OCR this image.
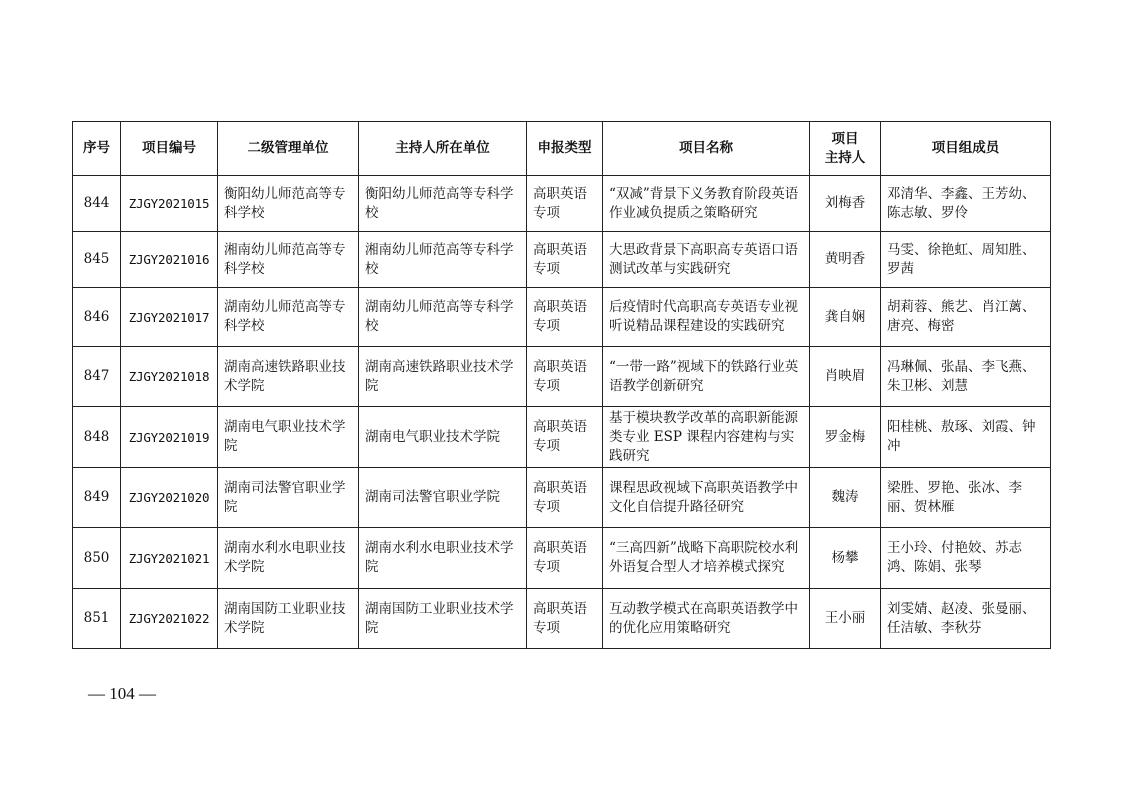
序号	项目编号	二级管理单位	主持人所在单位	申报类型	项目名称	项目
主持人	项目组成员
844	ZJGY2021015	衡阳幼儿师范高等专科学校	衡阳幼儿师范高等专科学校	高职英语专项	“双减”背景下义务教育阶段英语作业减负提质之策略研究	刘梅香	邓清华、李鑫、王芳幼、陈志敏、罗伶
845	ZJGY2021016	湘南幼儿师范高等专科学校	湘南幼儿师范高等专科学校	高职英语专项	大思政背景下高职高专英语口语测试改革与实践研究	黄明香	马雯、徐艳虹、周知胜、罗茜
846	ZJGY2021017	湖南幼儿师范高等专科学校	湖南幼儿师范高等专科学校	高职英语专项	后疫情时代高职高专英语专业视听说精品课程建设的实践研究	龚自娴	胡莉蓉、熊艺、肖江蓠、唐亮、梅密
847	ZJGY2021018	湖南高速铁路职业技术学院	湖南高速铁路职业技术学院	高职英语专项	“一带一路”视域下的铁路行业英语教学创新研究	肖映眉	冯琳佩、张晶、李飞燕、朱卫彬、刘慧
848	ZJGY2021019	湖南电气职业技术学院	湖南电气职业技术学院	高职英语专项	基于模块教学改革的高职新能源类专业 ESP 课程内容建构与实践研究	罗金梅	阳桂桃、敖琢、刘霞、钟冲
849	ZJGY2021020	湖南司法警官职业学院	湖南司法警官职业学院	高职英语专项	课程思政视域下高职英语教学中文化自信提升路径研究	魏涛	梁胜、罗艳、张冰、李丽、贺林雁
850	ZJGY2021021	湖南水利水电职业技术学院	湖南水利水电职业技术学院	高职英语专项	“三高四新”战略下高职院校水利外语复合型人才培养模式探究	杨攀	王小玲、付艳姣、苏志鸿、陈娟、张琴
851	ZJGY2021022	湖南国防工业职业技术学院	湖南国防工业职业技术学院	高职英语专项	互动教学模式在高职英语教学中的优化应用策略研究	王小丽	刘雯婧、赵凌、张曼丽、任洁敏、李秋芬
— 104 —
